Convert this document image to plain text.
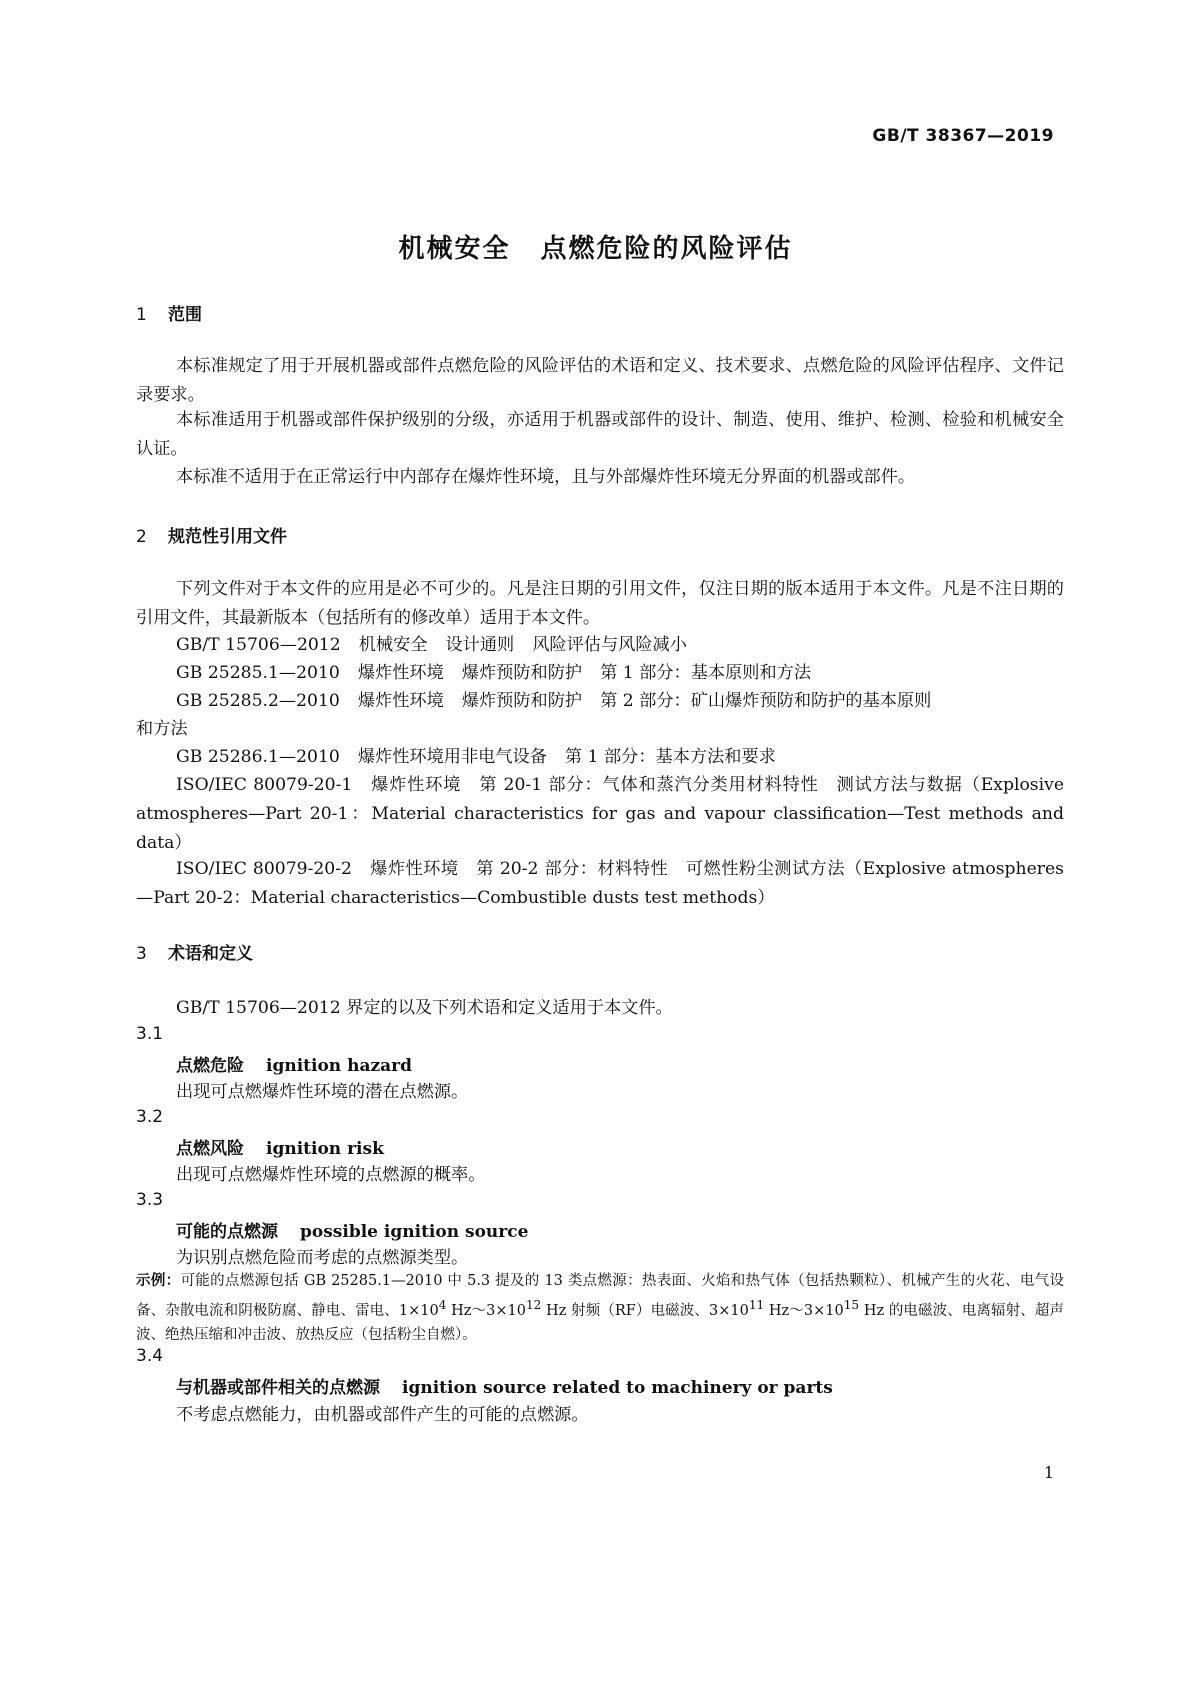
GB/T 38367—2019
机械安全 点燃危险的风险评估
1 范围
本标准规定了用于开展机器或部件点燃危险的风险评估的术语和定义、技术要求、点燃危险的风险评估程序、文件记录要求。
本标准适用于机器或部件保护级别的分级，亦适用于机器或部件的设计、制造、使用、维护、检测、检验和机械安全认证。
本标准不适用于在正常运行中内部存在爆炸性环境，且与外部爆炸性环境无分界面的机器或部件。
2 规范性引用文件
下列文件对于本文件的应用是必不可少的。凡是注日期的引用文件，仅注日期的版本适用于本文件。凡是不注日期的引用文件，其最新版本（包括所有的修改单）适用于本文件。
GB/T 15706—2012 机械安全 设计通则 风险评估与风险减小
GB 25285.1—2010 爆炸性环境 爆炸预防和防护 第 1 部分：基本原则和方法
GB 25285.2—2010 爆炸性环境 爆炸预防和防护 第 2 部分：矿山爆炸预防和防护的基本原则
和方法
GB 25286.1—2010 爆炸性环境用非电气设备 第 1 部分：基本方法和要求
ISO/IEC 80079-20-1　爆炸性环境　第 20-1 部分：气体和蒸汽分类用材料特性　测试方法与数据（Explosive atmospheres—Part 20-1：Material characteristics for gas and vapour classification—Test methods and data）
ISO/IEC 80079-20-2　爆炸性环境　第 20-2 部分：材料特性　可燃性粉尘测试方法（Explosive atmospheres—Part 20-2：Material characteristics—Combustible dusts test methods）
3 术语和定义
GB/T 15706—2012 界定的以及下列术语和定义适用于本文件。
3.1
点燃危险 ignition hazard
出现可点燃爆炸性环境的潜在点燃源。
3.2
点燃风险 ignition risk
出现可点燃爆炸性环境的点燃源的概率。
3.3
可能的点燃源 possible ignition source
为识别点燃危险而考虑的点燃源类型。
示例：可能的点燃源包括 GB 25285.1—2010 中 5.3 提及的 13 类点燃源：热表面、火焰和热气体（包括热颗粒）、机械产生的火花、电气设备、杂散电流和阴极防腐、静电、雷电、$1\times 10^4$ $Hz\sim 3\times 10^{12}$ Hz 射频（RF）电磁波、$3\times 10^{11}$ $Hz\sim 3\times 10^{15}$ Hz 的电磁波、电离辐射、超声波、绝热压缩和冲击波、放热反应（包括粉尘自燃）。
3.4
与机器或部件相关的点燃源 ignition source related to machinery or parts
不考虑点燃能力，由机器或部件产生的可能的点燃源。
1
